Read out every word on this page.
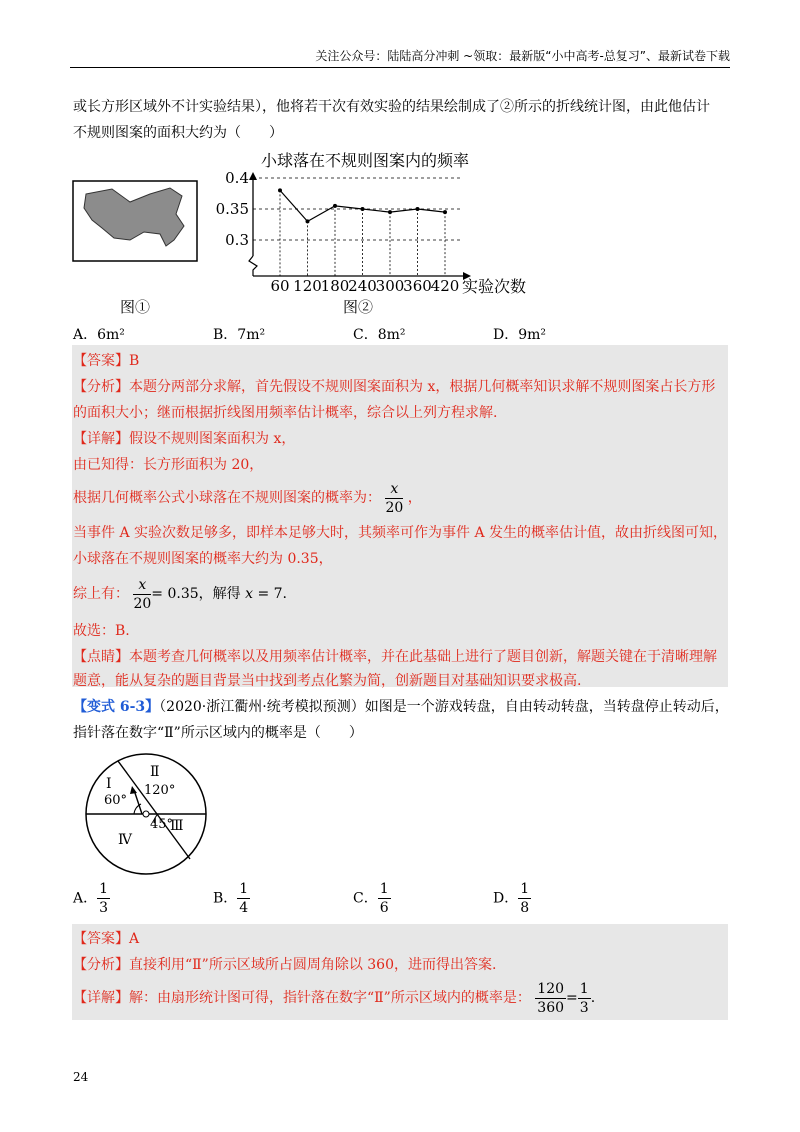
关注公众号：陆陆高分冲刺 ~领取：最新版“小中高考-总复习”、最新试卷下载
或长方形区域外不计实验结果），他将若干次有效实验的结果绘制成了②所示的折线统计图，由此他估计
不规则图案的面积大约为（　　）
图①
小球落在不规则图案内的频率
0.4
0.35
0.3
60 120
180
240
300
360
420 实验次数
图②
A．6m²	B．7m²	C．8m²	D．9m²
【答案】B
【分析】本题分两部分求解，首先假设不规则图案面积为 x，根据几何概率知识求解不规则图案占长方形
的面积大小；继而根据折线图用频率估计概率，综合以上列方程求解.
【详解】假设不规则图案面积为 x，
由已知得：长方形面积为 20，
根据几何概率公式小球落在不规则图案的概率为： $\frac{x}{20}$ ，
当事件 A 实验次数足够多，即样本足够大时，其频率可作为事件 A 发生的概率估计值，故由折线图可知，
小球落在不规则图案的概率大约为 0.35，
综上有： $\frac{x}{20} = 0.35$，解得 x = 7.
故选：B.
【点睛】本题考查几何概率以及用频率估计概率，并在此基础上进行了题目创新，解题关键在于清晰理解
题意，能从复杂的题目背景当中找到考点化繁为简，创新题目对基础知识要求极高.
【变式 6-3】（2020·浙江衢州·统考模拟预测）如图是一个游戏转盘，自由转动转盘，当转盘停止转动后，
指针落在数字“Ⅱ”所示区域内的概率是（　　）
Ⅰ
Ⅱ
Ⅲ
Ⅳ
60°
120°
45°
A． $\frac{1}{3}$	B． $\frac{1}{4}$	C． $\frac{1}{6}$	D． $\frac{1}{8}$
【答案】A
【分析】直接利用“Ⅱ”所示区域所占圆周角除以 360，进而得出答案.
【详解】解：由扇形统计图可得，指针落在数字“Ⅱ”所示区域内的概率是： $\frac{120}{360} = \frac{1}{3}$ .
24
